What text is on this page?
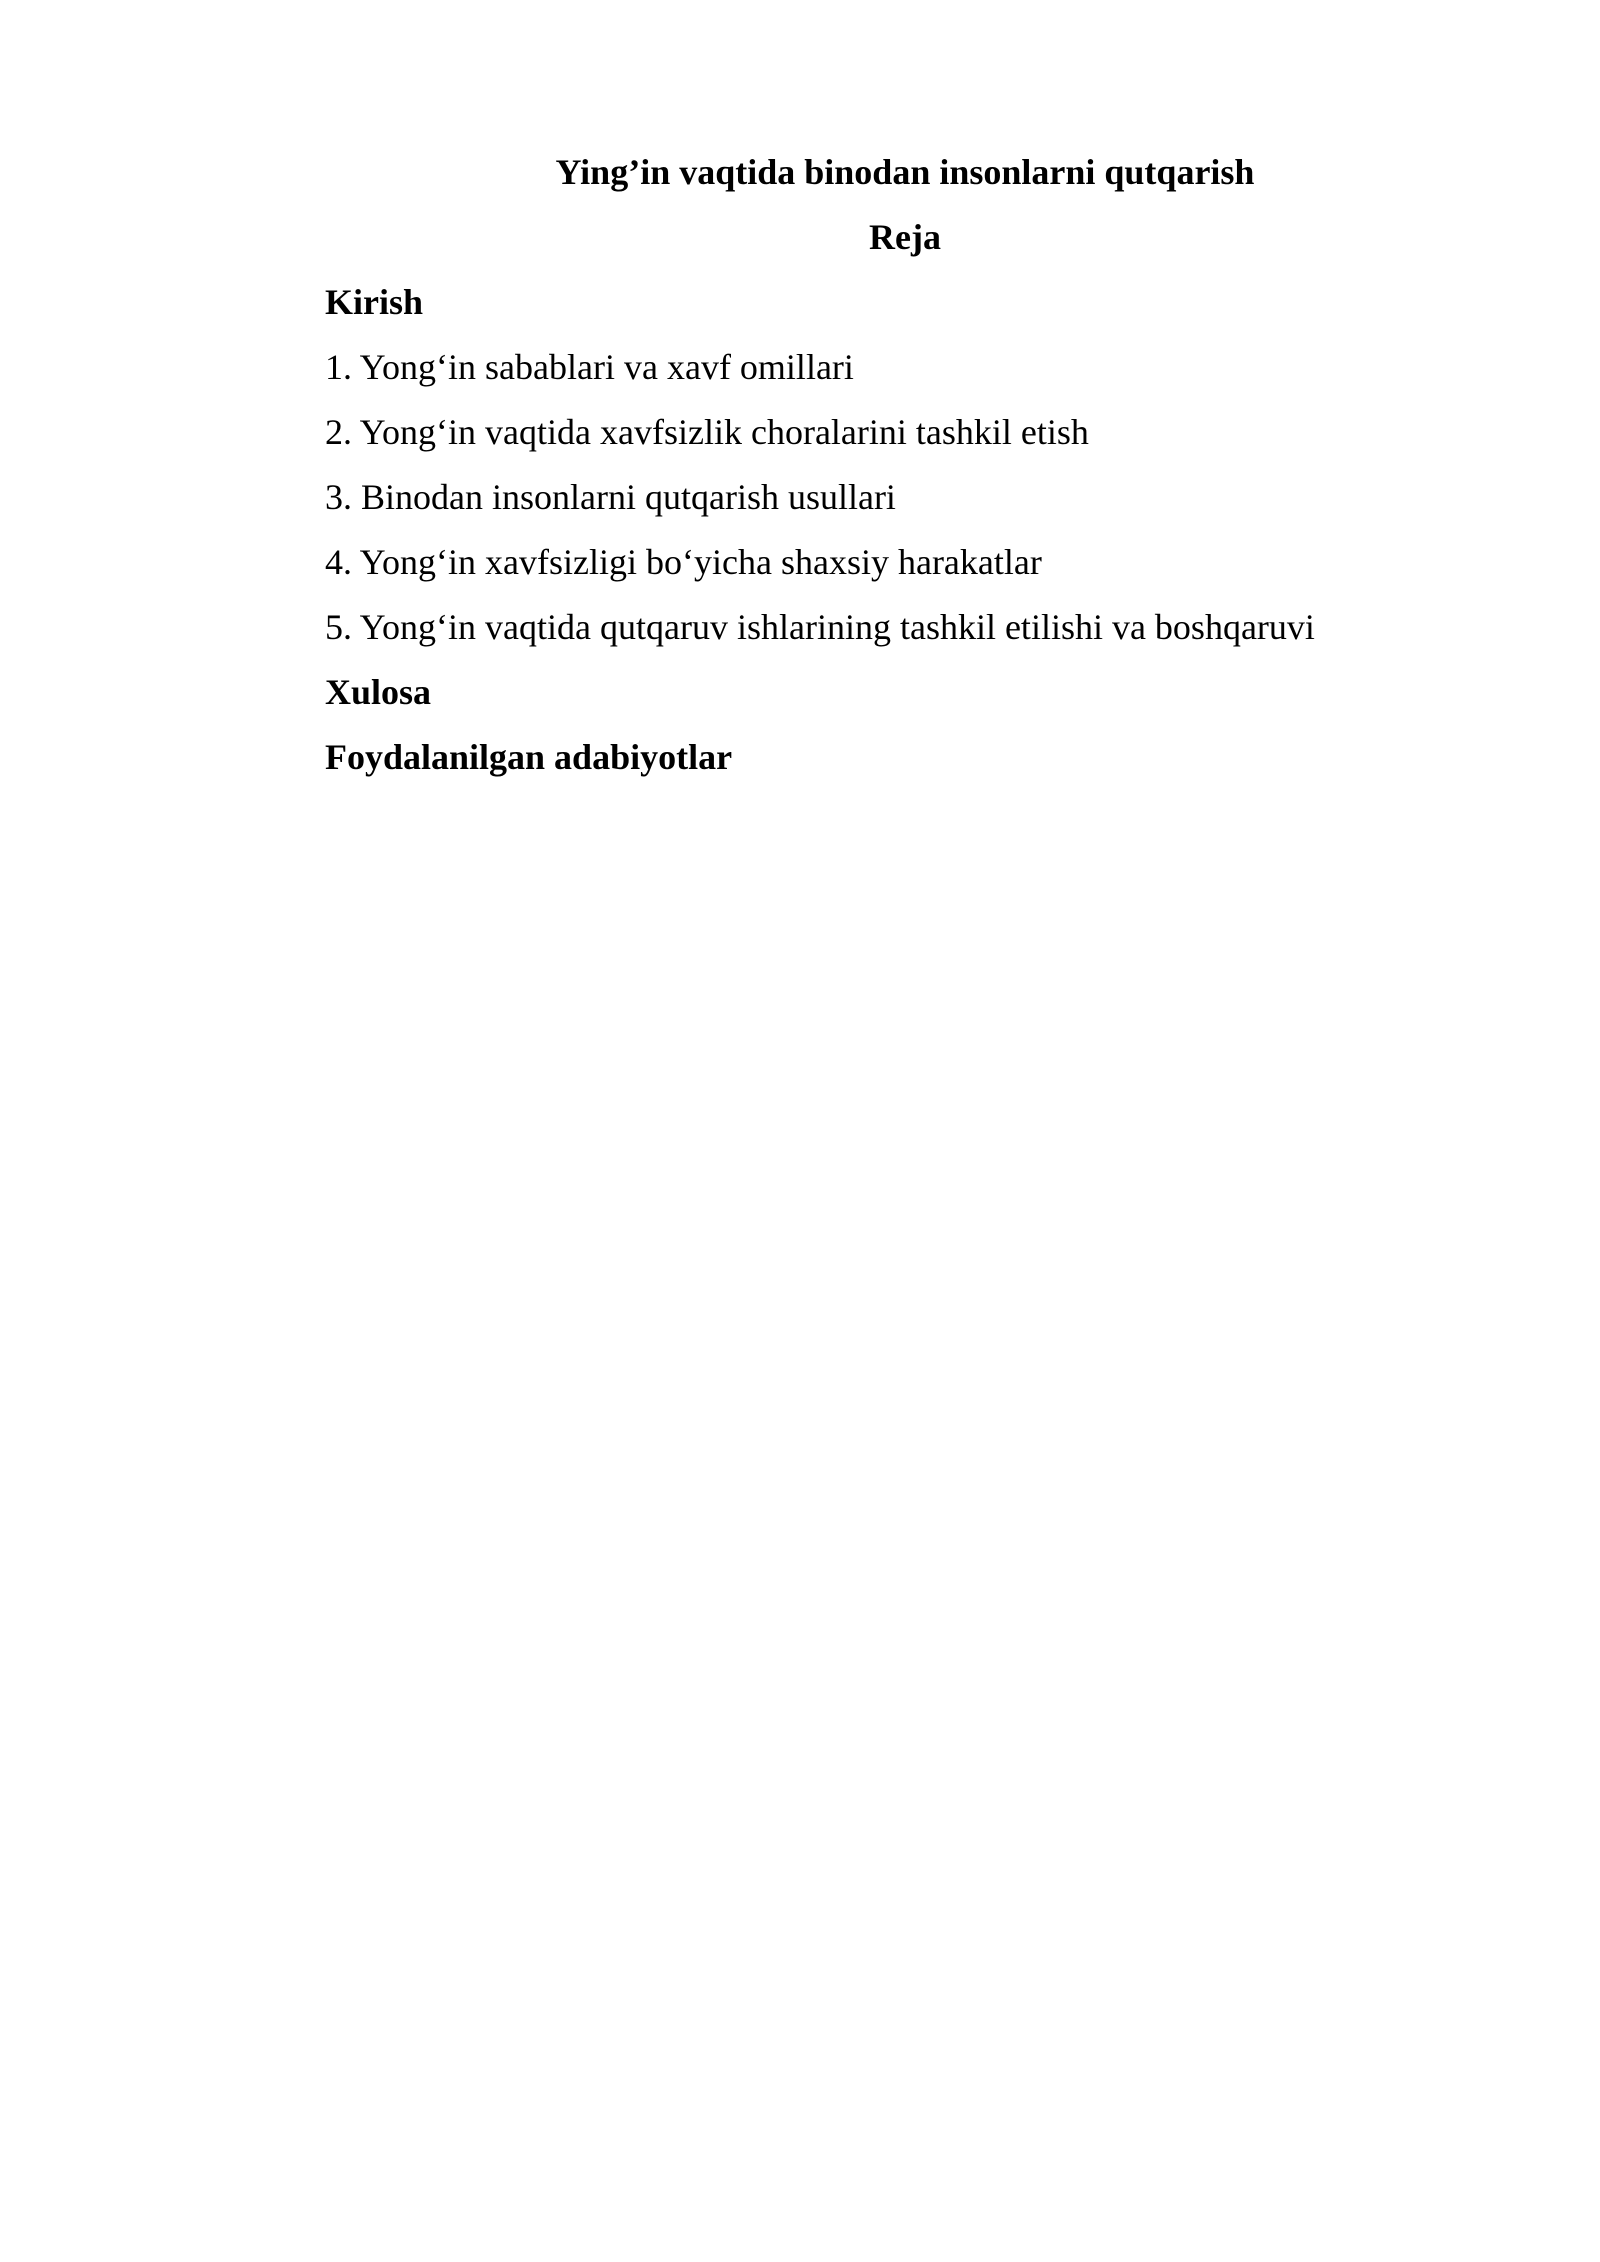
Ying’in vaqtida binodan insonlarni qutqarish
Reja
Kirish
1. Yong‘in sabablari va xavf omillari
2. Yong‘in vaqtida xavfsizlik choralarini tashkil etish
3. Binodan insonlarni qutqarish usullari
4. Yong‘in xavfsizligi bo‘yicha shaxsiy harakatlar
5. Yong‘in vaqtida qutqaruv ishlarining tashkil etilishi va boshqaruvi
Xulosa
Foydalanilgan adabiyotlar
